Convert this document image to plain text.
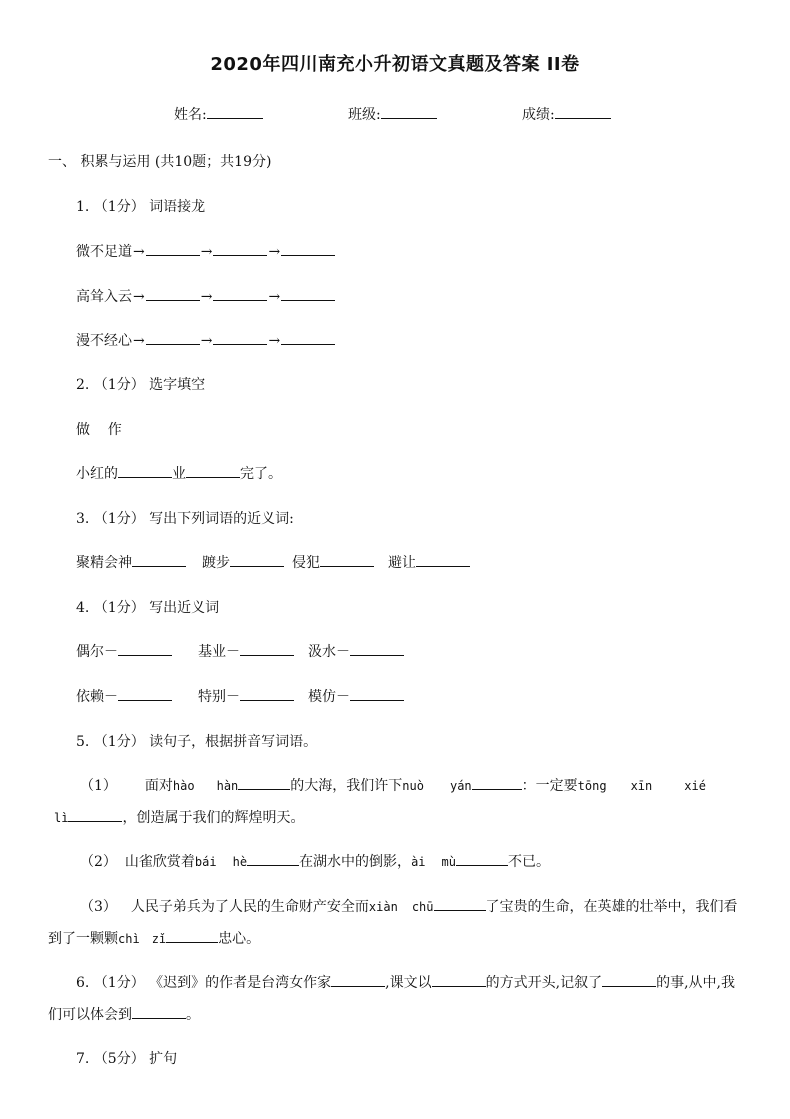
2020年四川南充小升初语文真题及答案 II卷
姓名:	班级:	成绩:
一、 积累与运用 (共10题；共19分)
1. （1分） 词语接龙
微不足道→	→	→
高耸入云→	→	→
漫不经心→	→	→
2. （1分） 选字填空
做    作
小红的	业	完了。
3. （1分） 写出下列词语的近义词:
聚精会神	踱步	侵犯	避让
4. （1分） 写出近义词
偶尔－	基业－	汲水－
依赖－	特别－	模仿－
5. （1分） 读句子，根据拼音写词语。
（1） 面对hào hàn	的大海，我们许下nuò yán	：一定要tōng xīn	xié
lì	，创造属于我们的辉煌明天。
（2） 山雀欣赏着bái hè	在湖水中的倒影，ài mù	不已。
（3） 人民子弟兵为了人民的生命财产安全而xiàn chū	了宝贵的生命，在英雄的壮举中，我们看
到了一颗颗chì zǐ	忠心。
6. （1分） 《迟到》的作者是台湾女作家	,课文以	的方式开头,记叙了	的事,从中,我
们可以体会到	。
7. （5分） 扩句
